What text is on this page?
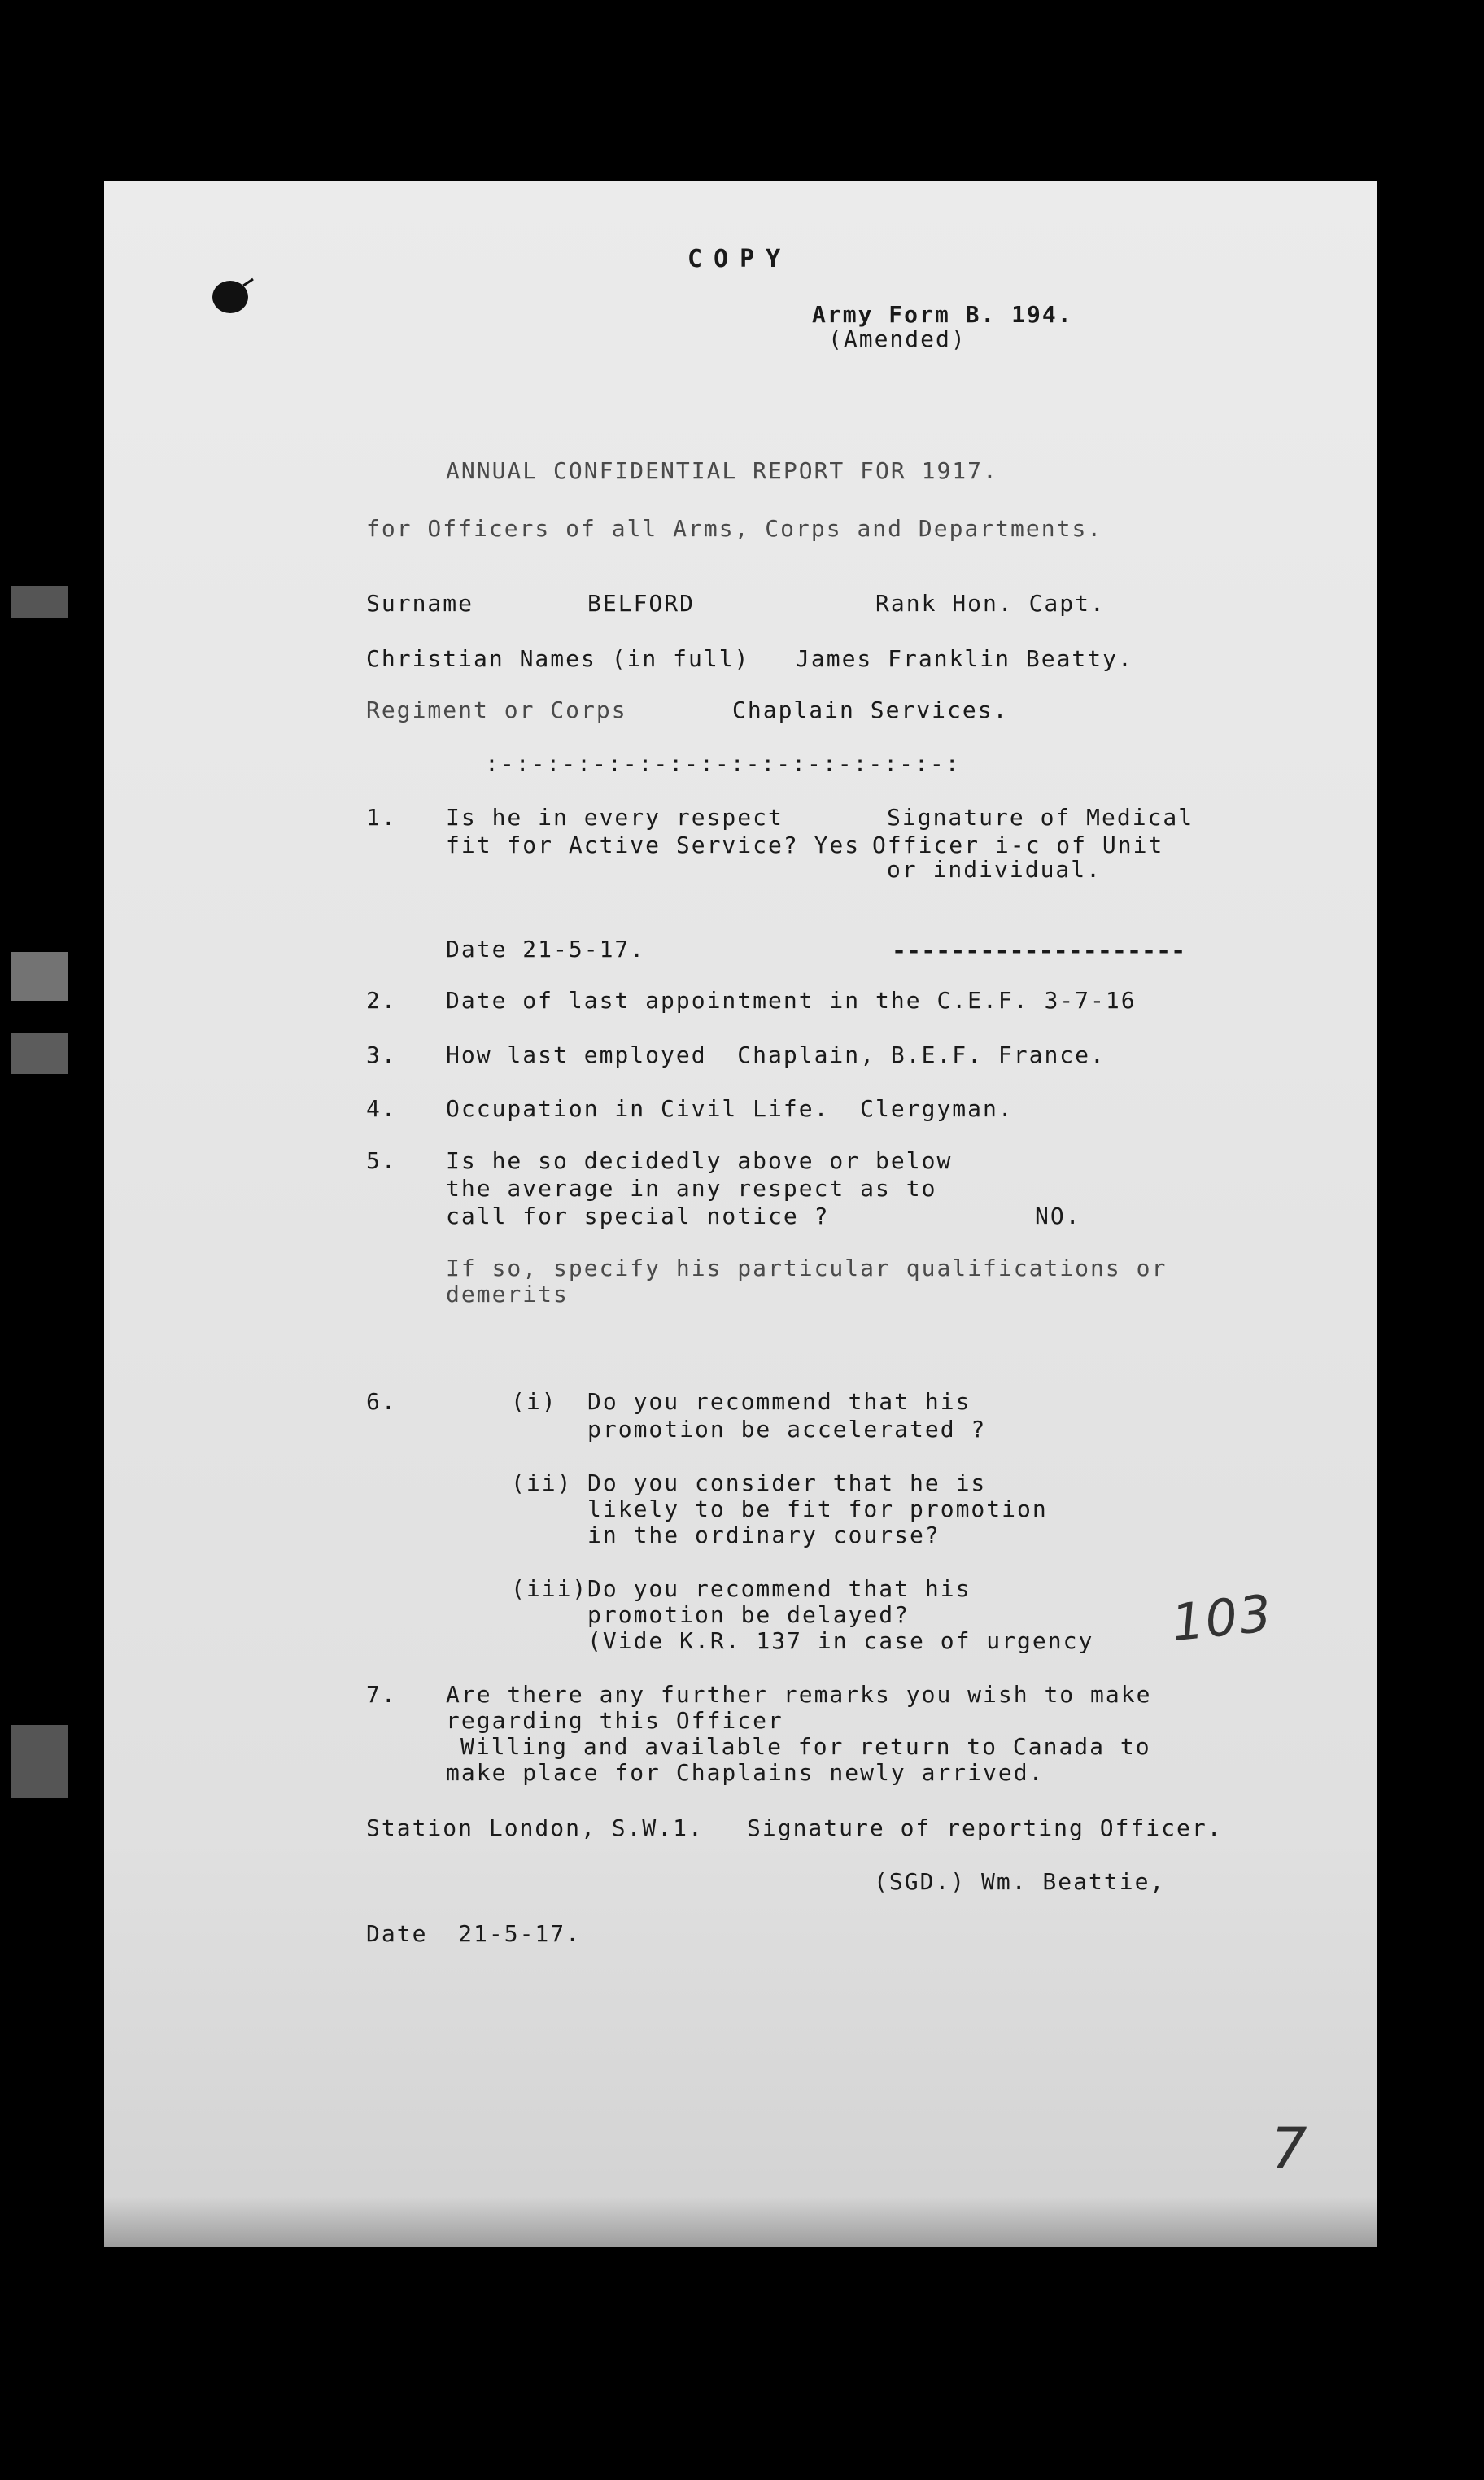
COPY
Army Form B. 194.
(Amended)
ANNUAL CONFIDENTIAL REPORT FOR 1917.
for Officers of all Arms, Corps and Departments.
Surname	BELFORD	Rank Hon. Capt.
Christian Names (in full) James Franklin Beatty.
Regiment or Corps	Chaplain Services.
:-:-:-:-:-:-:-:-:-:-:-:-:-:-:-:
1. Is he in every respect
fit for Active Service? Yes
Signature of Medical
Officer i-c of Unit
or individual.
Date 21-5-17.	--------------------
2. Date of last appointment in the C.E.F. 3-7-16
3. How last employed  Chaplain, B.E.F. France.
4. Occupation in Civil Life.  Clergyman.
5. Is he so decidedly above or below
the average in any respect as to
call for special notice ?	NO.
If so, specify his particular qualifications or
demerits
6.	(i) Do you recommend that his
promotion be accelerated ?
(ii) Do you consider that he is
likely to be fit for promotion
in the ordinary course?
(iii) Do you recommend that his
promotion be delayed?
(Vide K.R. 137 in case of urgency 103
7. Are there any further remarks you wish to make
regarding this Officer
Willing and available for return to Canada to
make place for Chaplains newly arrived.
Station London, S.W.1. Signature of reporting Officer.
(SGD.) Wm. Beattie,
Date  21-5-17.
7
